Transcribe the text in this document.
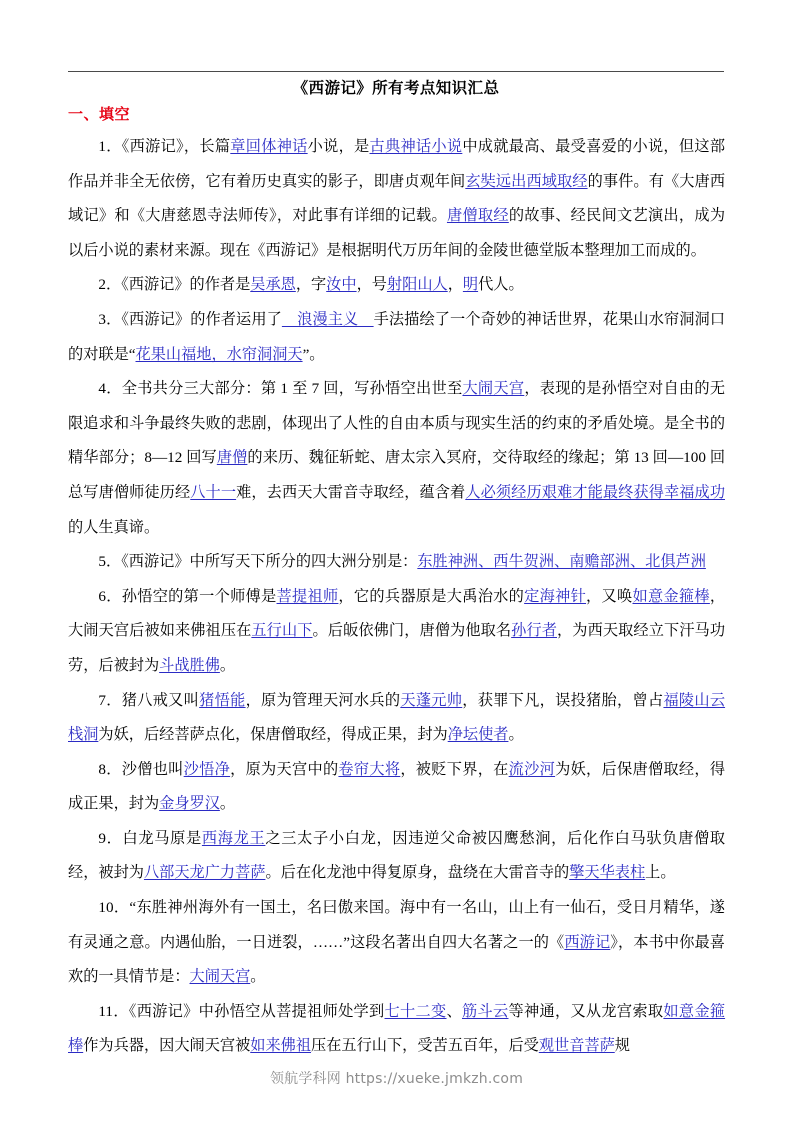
《西游记》所有考点知识汇总
一、填空

1．《西游记》，长篇章回体神话小说，是古典神话小说中成就最高、最受喜爱的小说，但这部作品并非全无依傍，它有着历史真实的影子，即唐贞观年间玄奘远出西域取经的事件。有《大唐西域记》和《大唐慈恩寺法师传》，对此事有详细的记载。唐僧取经的故事、经民间文艺演出，成为以后小说的素材来源。现在《西游记》是根据明代万历年间的金陵世德堂版本整理加工而成的。

2．《西游记》的作者是吴承恩，字汝中，号射阳山人，明代人。

3．《西游记》的作者运用了　浪漫主义　手法描绘了一个奇妙的神话世界，花果山水帘洞洞口的对联是“花果山福地，水帘洞洞天”。

4．全书共分三大部分：第 1 至 7 回，写孙悟空出世至大闹天宫，表现的是孙悟空对自由的无限追求和斗争最终失败的悲剧，体现出了人性的自由本质与现实生活的约束的矛盾处境。是全书的精华部分；8—12 回写唐僧的来历、魏征斩蛇、唐太宗入冥府，交待取经的缘起；第 13 回—100 回总写唐僧师徒历经八十一难，去西天大雷音寺取经，蕴含着人必须经历艰难才能最终获得幸福成功的人生真谛。

5．《西游记》中所写天下所分的四大洲分别是：东胜神洲、西牛贺洲、南赡部洲、北俱芦洲

6．孙悟空的第一个师傅是菩提祖师，它的兵器原是大禹治水的定海神针，又唤如意金箍棒，大闹天宫后被如来佛祖压在五行山下。后皈依佛门，唐僧为他取名孙行者，为西天取经立下汗马功劳，后被封为斗战胜佛。

7．猪八戒又叫猪悟能，原为管理天河水兵的天蓬元帅，获罪下凡，误投猪胎，曾占福陵山云栈洞为妖，后经菩萨点化，保唐僧取经，得成正果，封为净坛使者。

8．沙僧也叫沙悟净，原为天宫中的卷帘大将，被贬下界，在流沙河为妖，后保唐僧取经，得成正果，封为金身罗汉。

9．白龙马原是西海龙王之三太子小白龙，因违逆父命被囚鹰愁涧，后化作白马驮负唐僧取经，被封为八部天龙广力菩萨。后在化龙池中得复原身，盘绕在大雷音寺的擎天华表柱上。

10．“东胜神州海外有一国土，名曰傲来国。海中有一名山，山上有一仙石，受日月精华，遂有灵通之意。内遇仙胎，一日迸裂，……”这段名著出自四大名著之一的《西游记》，本书中你最喜欢的一具情节是：大闹天宫。

11．《西游记》中孙悟空从菩提祖师处学到七十二变、筋斗云等神通，又从龙宫索取如意金箍棒作为兵器，因大闹天宫被如来佛祖压在五行山下，受苦五百年，后受观世音菩萨规

领航学科网 https://xueke.jmkzh.com
